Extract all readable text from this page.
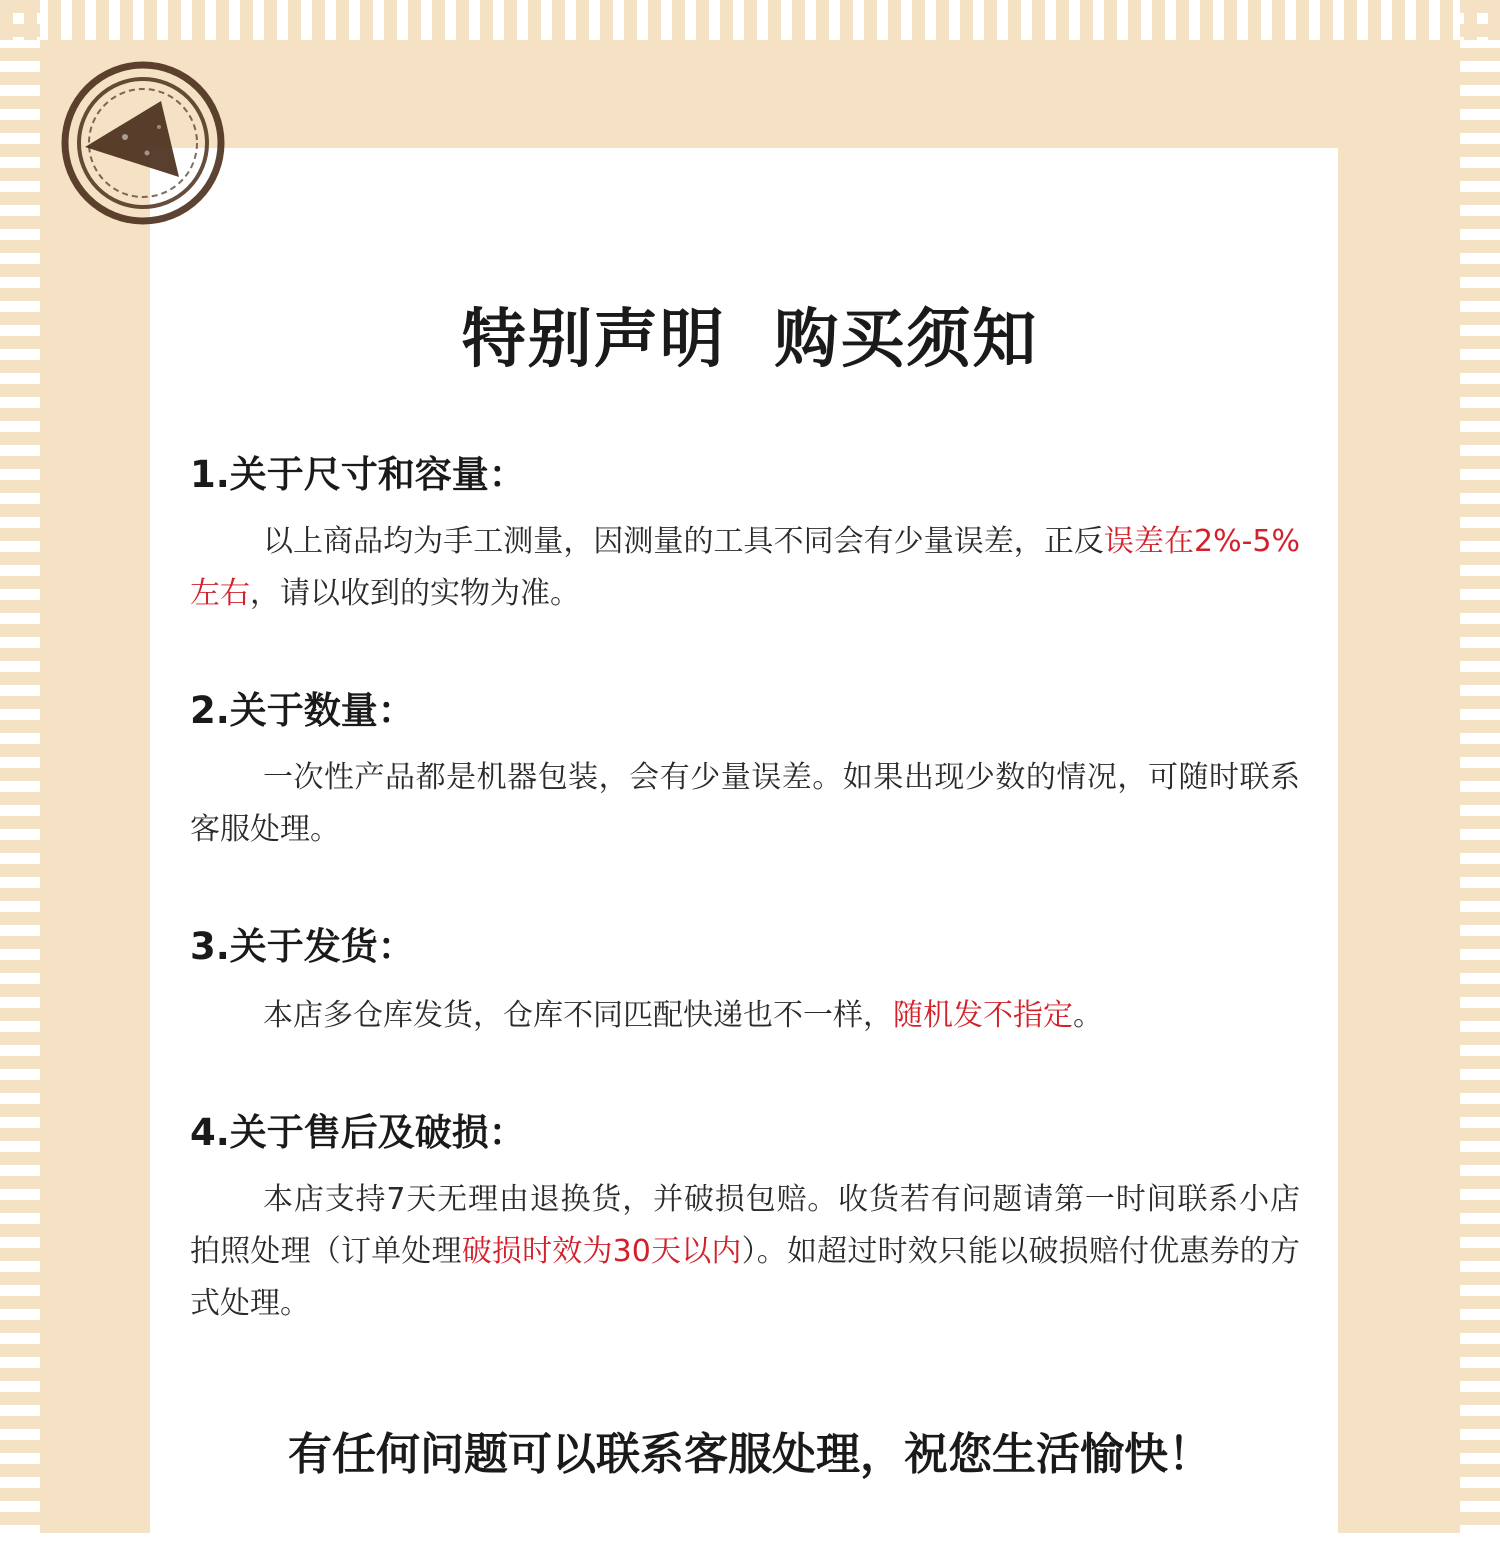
特别声明  购买须知
1.关于尺寸和容量：
以上商品均为手工测量，因测量的工具不同会有少量误差，正反误差在2%-5%左右，请以收到的实物为准。
2.关于数量：
一次性产品都是机器包装，会有少量误差。如果出现少数的情况，可随时联系客服处理。
3.关于发货：
本店多仓库发货，仓库不同匹配快递也不一样，随机发不指定。
4.关于售后及破损：
本店支持7天无理由退换货，并破损包赔。收货若有问题请第一时间联系小店拍照处理（订单处理破损时效为30天以内）。如超过时效只能以破损赔付优惠券的方式处理。
有任何问题可以联系客服处理，祝您生活愉快！
